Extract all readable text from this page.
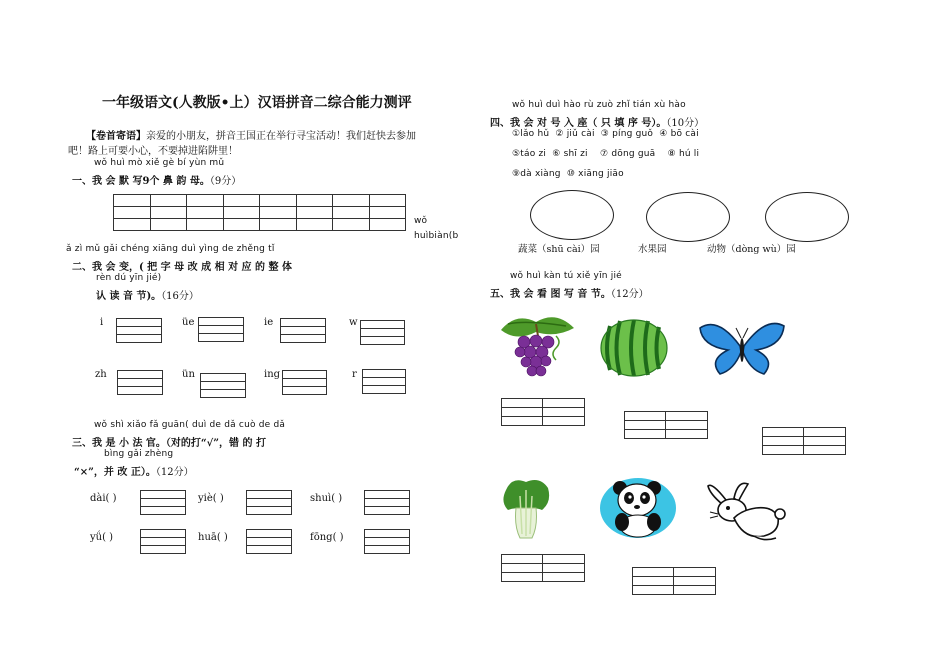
一年级语文(人教版•上）汉语拼音二综合能力测评
【卷首寄语】亲爱的小朋友，拼音王国正在举行寻宝活动！我们赶快去参加
吧！路上可要小心，不要掉进陷阱里！
wǒ huì mò xiě gè bí yùn mǔ
一、我 会 默 写9个 鼻 韵 母。（9分）
wǒ
huìbiàn(b
ǎ zì mǔ gǎi chéng xiāng duì yìng de zhěng tǐ
二、我 会 变，( 把 字 母 改 成 相 对 应 的 整 体
rèn dú yīn jié)
认 读 音 节)。（16分）
i	üe	ie	w
zh	ün	ing	r
wǒ shì xiǎo fǎ guān( duì de dǎ cuò de dǎ
三、我 是 小 法 官。（对的打“√”，错 的 打
bìng gǎi zhèng
“×”，并 改 正）。（12分）
dài( )	yiè( )	shuì( )
yǘ( )	huā( )	fōng( )
wǒ huì duì hào rù zuò zhǐ tián xù hào
四、我 会 对 号 入 座（ 只 填 序 号）。（10分）
①lǎo hǔ ② jiǔ cài ③ píng guǒ ④ bō cài
⑤táo zi ⑥ shī zi ⑦ dōng guā ⑧ hú li
⑨dà xiàng ⑩ xiāng jiāo
蔬菜（shū cài）园	水果园	动物（dòng wù）园
wǒ huì kàn tú xiě yīn jié
五、我 会 看 图 写 音 节。（12分）
